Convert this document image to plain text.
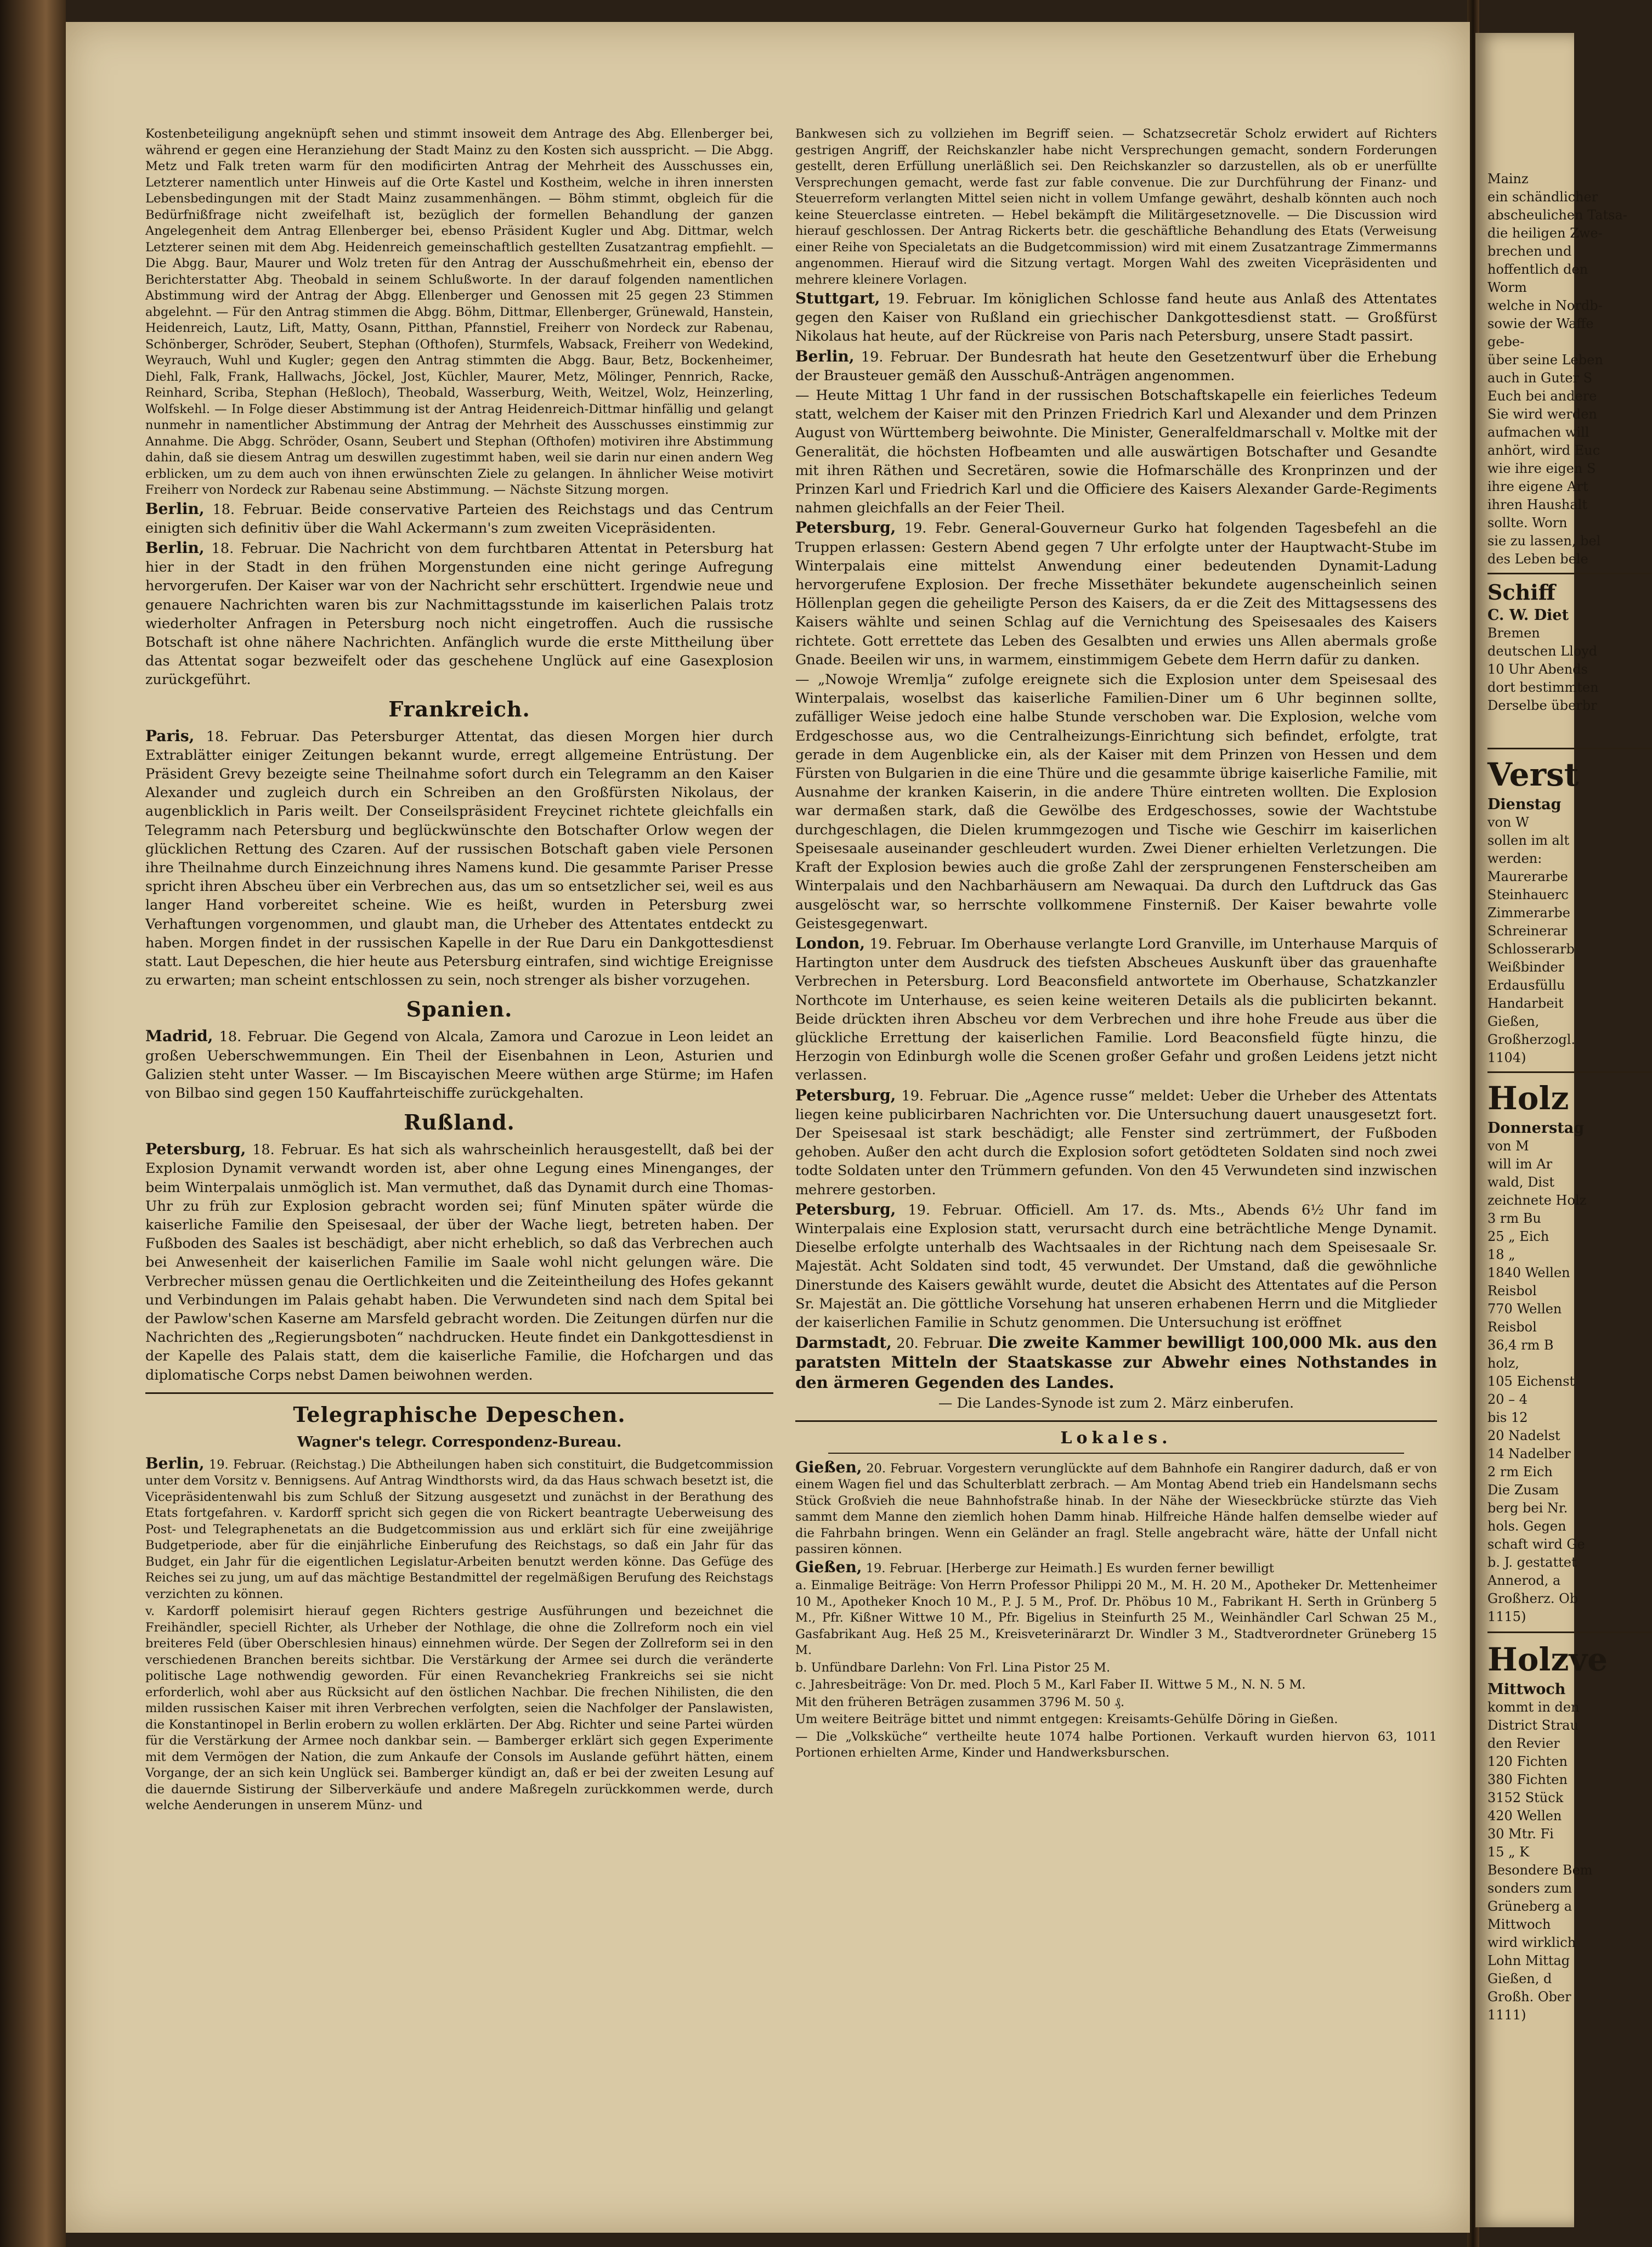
Kostenbeteiligung angeknüpft sehen und stimmt insoweit dem Antrage des Abg. Ellenberger bei, während er gegen eine Heranziehung der Stadt Mainz zu den Kosten sich ausspricht. — Die Abgg. Metz und Falk treten warm für den modificirten Antrag der Mehrheit des Ausschusses ein, Letzterer namentlich unter Hinweis auf die Orte Kastel und Kostheim, welche in ihren innersten Lebensbedingungen mit der Stadt Mainz zusammenhängen. — Böhm stimmt, obgleich für die Bedürfnißfrage nicht zweifelhaft ist, bezüglich der formellen Behandlung der ganzen Angelegenheit dem Antrag Ellenberger bei, ebenso Präsident Kugler und Abg. Dittmar, welch Letzterer seinen mit dem Abg. Heidenreich gemeinschaftlich gestellten Zusatzantrag empfiehlt. — Die Abgg. Baur, Maurer und Wolz treten für den Antrag der Ausschußmehrheit ein, ebenso der Berichterstatter Abg. Theobald in seinem Schlußworte. In der darauf folgenden namentlichen Abstimmung wird der Antrag der Abgg. Ellenberger und Genossen mit 25 gegen 23 Stimmen abgelehnt. — Für den Antrag stimmen die Abgg. Böhm, Dittmar, Ellenberger, Grünewald, Hanstein, Heidenreich, Lautz, Lift, Matty, Osann, Pitthan, Pfannstiel, Freiherr von Nordeck zur Rabenau, Schönberger, Schröder, Seubert, Stephan (Ofthofen), Sturmfels, Wabsack, Freiherr von Wedekind, Weyrauch, Wuhl und Kugler; gegen den Antrag stimmten die Abgg. Baur, Betz, Bockenheimer, Diehl, Falk, Frank, Hallwachs, Jöckel, Jost, Küchler, Maurer, Metz, Mölinger, Pennrich, Racke, Reinhard, Scriba, Stephan (Heßloch), Theobald, Wasserburg, Weith, Weitzel, Wolz, Heinzerling, Wolfskehl. — In Folge dieser Abstimmung ist der Antrag Heidenreich-Dittmar hinfällig und gelangt nunmehr in namentlicher Abstimmung der Antrag der Mehrheit des Ausschusses einstimmig zur Annahme. Die Abgg. Schröder, Osann, Seubert und Stephan (Ofthofen) motiviren ihre Abstimmung dahin, daß sie diesem Antrag um deswillen zugestimmt haben, weil sie darin nur einen andern Weg erblicken, um zu dem auch von ihnen erwünschten Ziele zu gelangen. In ähnlicher Weise motivirt Freiherr von Nordeck zur Rabenau seine Abstimmung. — Nächste Sitzung morgen.

Berlin, 18. Februar. Beide conservative Parteien des Reichstags und das Centrum einigten sich definitiv über die Wahl Ackermann's zum zweiten Vicepräsidenten.

Berlin, 18. Februar. Die Nachricht von dem furchtbaren Attentat in Petersburg hat hier in der Stadt in den frühen Morgenstunden eine nicht geringe Aufregung hervorgerufen. Der Kaiser war von der Nachricht sehr erschüttert. Irgendwie neue und genauere Nachrichten waren bis zur Nachmittagsstunde im kaiserlichen Palais trotz wiederholter Anfragen in Petersburg noch nicht eingetroffen. Auch die russische Botschaft ist ohne nähere Nachrichten. Anfänglich wurde die erste Mittheilung über das Attentat sogar bezweifelt oder das geschehene Unglück auf eine Gasexplosion zurückgeführt.

Frankreich.

Paris, 18. Februar. Das Petersburger Attentat, das diesen Morgen hier durch Extrablätter einiger Zeitungen bekannt wurde, erregt allgemeine Entrüstung. Der Präsident Grevy bezeigte seine Theilnahme sofort durch ein Telegramm an den Kaiser Alexander und zugleich durch ein Schreiben an den Großfürsten Nikolaus, der augenblicklich in Paris weilt. Der Conseilspräsident Freycinet richtete gleichfalls ein Telegramm nach Petersburg und beglückwünschte den Botschafter Orlow wegen der glücklichen Rettung des Czaren. Auf der russischen Botschaft gaben viele Personen ihre Theilnahme durch Einzeichnung ihres Namens kund. Die gesammte Pariser Presse spricht ihren Abscheu über ein Verbrechen aus, das um so entsetzlicher sei, weil es aus langer Hand vorbereitet scheine. Wie es heißt, wurden in Petersburg zwei Verhaftungen vorgenommen, und glaubt man, die Urheber des Attentates entdeckt zu haben. Morgen findet in der russischen Kapelle in der Rue Daru ein Dankgottesdienst statt. Laut Depeschen, die hier heute aus Petersburg eintrafen, sind wichtige Ereignisse zu erwarten; man scheint entschlossen zu sein, noch strenger als bisher vorzugehen.

Spanien.

Madrid, 18. Februar. Die Gegend von Alcala, Zamora und Carozue in Leon leidet an großen Ueberschwemmungen. Ein Theil der Eisenbahnen in Leon, Asturien und Galizien steht unter Wasser. — Im Biscayischen Meere wüthen arge Stürme; im Hafen von Bilbao sind gegen 150 Kauffahrteischiffe zurückgehalten.

Rußland.

Petersburg, 18. Februar. Es hat sich als wahrscheinlich herausgestellt, daß bei der Explosion Dynamit verwandt worden ist, aber ohne Legung eines Minenganges, der beim Winterpalais unmöglich ist. Man vermuthet, daß das Dynamit durch eine Thomas-Uhr zu früh zur Explosion gebracht worden sei; fünf Minuten später würde die kaiserliche Familie den Speisesaal, der über der Wache liegt, betreten haben. Der Fußboden des Saales ist beschädigt, aber nicht erheblich, so daß das Verbrechen auch bei Anwesenheit der kaiserlichen Familie im Saale wohl nicht gelungen wäre. Die Verbrecher müssen genau die Oertlichkeiten und die Zeiteintheilung des Hofes gekannt und Verbindungen im Palais gehabt haben. Die Verwundeten sind nach dem Spital bei der Pawlow'schen Kaserne am Marsfeld gebracht worden. Die Zeitungen dürfen nur die Nachrichten des „Regierungsboten“ nachdrucken. Heute findet ein Dankgottesdienst in der Kapelle des Palais statt, dem die kaiserliche Familie, die Hofchargen und das diplomatische Corps nebst Damen beiwohnen werden.

Telegraphische Depeschen.
Wagner's telegr. Correspondenz-Bureau.

Berlin, 19. Februar. (Reichstag.) Die Abtheilungen haben sich constituirt, die Budgetcommission unter dem Vorsitz v. Bennigsens. Auf Antrag Windthorsts wird, da das Haus schwach besetzt ist, die Vicepräsidentenwahl bis zum Schluß der Sitzung ausgesetzt und zunächst in der Berathung des Etats fortgefahren. v. Kardorff spricht sich gegen die von Rickert beantragte Ueberweisung des Post- und Telegraphenetats an die Budgetcommission aus und erklärt sich für eine zweijährige Budgetperiode, aber für die einjährliche Einberufung des Reichstags, so daß ein Jahr für das Budget, ein Jahr für die eigentlichen Legislatur-Arbeiten benutzt werden könne. Das Gefüge des Reiches sei zu jung, um auf das mächtige Bestandmittel der regelmäßigen Berufung des Reichstags verzichten zu können.

v. Kardorff polemisirt hierauf gegen Richters gestrige Ausführungen und bezeichnet die Freihändler, speciell Richter, als Urheber der Nothlage, die ohne die Zollreform noch ein viel breiteres Feld (über Oberschlesien hinaus) einnehmen würde. Der Segen der Zollreform sei in den verschiedenen Branchen bereits sichtbar. Die Verstärkung der Armee sei durch die veränderte politische Lage nothwendig geworden. Für einen Revanchekrieg Frankreichs sei sie nicht erforderlich, wohl aber aus Rücksicht auf den östlichen Nachbar. Die frechen Nihilisten, die den milden russischen Kaiser mit ihren Verbrechen verfolgten, seien die Nachfolger der Panslawisten, die Konstantinopel in Berlin erobern zu wollen erklärten. Der Abg. Richter und seine Partei würden für die Verstärkung der Armee noch dankbar sein. — Bamberger erklärt sich gegen Experimente mit dem Vermögen der Nation, die zum Ankaufe der Consols im Auslande geführt hätten, einem Vorgange, der an sich kein Unglück sei. Bamberger kündigt an, daß er bei der zweiten Lesung auf die dauernde Sistirung der Silberverkäufe und andere Maßregeln zurückkommen werde, durch welche Aenderungen in unserem Münz- und

Bankwesen sich zu vollziehen im Begriff seien. — Schatzsecretär Scholz erwidert auf Richters gestrigen Angriff, der Reichskanzler habe nicht Versprechungen gemacht, sondern Forderungen gestellt, deren Erfüllung unerläßlich sei. Den Reichskanzler so darzustellen, als ob er unerfüllte Versprechungen gemacht, werde fast zur fable convenue. Die zur Durchführung der Finanz- und Steuerreform verlangten Mittel seien nicht in vollem Umfange gewährt, deshalb könnten auch noch keine Steuerclasse eintreten. — Hebel bekämpft die Militärgesetznovelle. — Die Discussion wird hierauf geschlossen. Der Antrag Rickerts betr. die geschäftliche Behandlung des Etats (Verweisung einer Reihe von Specialetats an die Budgetcommission) wird mit einem Zusatzantrage Zimmermanns angenommen. Hierauf wird die Sitzung vertagt. Morgen Wahl des zweiten Vicepräsidenten und mehrere kleinere Vorlagen.

Stuttgart, 19. Februar. Im königlichen Schlosse fand heute aus Anlaß des Attentates gegen den Kaiser von Rußland ein griechischer Dankgottesdienst statt. — Großfürst Nikolaus hat heute, auf der Rückreise von Paris nach Petersburg, unsere Stadt passirt.

Berlin, 19. Februar. Der Bundesrath hat heute den Gesetzentwurf über die Erhebung der Brausteuer gemäß den Ausschuß-Anträgen angenommen.

— Heute Mittag 1 Uhr fand in der russischen Botschaftskapelle ein feierliches Tedeum statt, welchem der Kaiser mit den Prinzen Friedrich Karl und Alexander und dem Prinzen August von Württemberg beiwohnte. Die Minister, Generalfeldmarschall v. Moltke mit der Generalität, die höchsten Hofbeamten und alle auswärtigen Botschafter und Gesandte mit ihren Räthen und Secretären, sowie die Hofmarschälle des Kronprinzen und der Prinzen Karl und Friedrich Karl und die Officiere des Kaisers Alexander Garde-Regiments nahmen gleichfalls an der Feier Theil.

Petersburg, 19. Febr. General-Gouverneur Gurko hat folgenden Tagesbefehl an die Truppen erlassen: Gestern Abend gegen 7 Uhr erfolgte unter der Hauptwacht-Stube im Winterpalais eine mittelst Anwendung einer bedeutenden Dynamit-Ladung hervorgerufene Explosion. Der freche Missethäter bekundete augenscheinlich seinen Höllenplan gegen die geheiligte Person des Kaisers, da er die Zeit des Mittagsessens des Kaisers wählte und seinen Schlag auf die Vernichtung des Speisesaales des Kaisers richtete. Gott errettete das Leben des Gesalbten und erwies uns Allen abermals große Gnade. Beeilen wir uns, in warmem, einstimmigem Gebete dem Herrn dafür zu danken.

— „Nowoje Wremlja“ zufolge ereignete sich die Explosion unter dem Speisesaal des Winterpalais, woselbst das kaiserliche Familien-Diner um 6 Uhr beginnen sollte, zufälliger Weise jedoch eine halbe Stunde verschoben war. Die Explosion, welche vom Erdgeschosse aus, wo die Centralheizungs-Einrichtung sich befindet, erfolgte, trat gerade in dem Augenblicke ein, als der Kaiser mit dem Prinzen von Hessen und dem Fürsten von Bulgarien in die eine Thüre und die gesammte übrige kaiserliche Familie, mit Ausnahme der kranken Kaiserin, in die andere Thüre eintreten wollten. Die Explosion war dermaßen stark, daß die Gewölbe des Erdgeschosses, sowie der Wachtstube durchgeschlagen, die Dielen krummgezogen und Tische wie Geschirr im kaiserlichen Speisesaale auseinander geschleudert wurden. Zwei Diener erhielten Verletzungen. Die Kraft der Explosion bewies auch die große Zahl der zersprungenen Fensterscheiben am Winterpalais und den Nachbarhäusern am Newaquai. Da durch den Luftdruck das Gas ausgelöscht war, so herrschte vollkommene Finsterniß. Der Kaiser bewahrte volle Geistesgegenwart.

London, 19. Februar. Im Oberhause verlangte Lord Granville, im Unterhause Marquis of Hartington unter dem Ausdruck des tiefsten Abscheues Auskunft über das grauenhafte Verbrechen in Petersburg. Lord Beaconsfield antwortete im Oberhause, Schatzkanzler Northcote im Unterhause, es seien keine weiteren Details als die publicirten bekannt. Beide drückten ihren Abscheu vor dem Verbrechen und ihre hohe Freude aus über die glückliche Errettung der kaiserlichen Familie. Lord Beaconsfield fügte hinzu, die Herzogin von Edinburgh wolle die Scenen großer Gefahr und großen Leidens jetzt nicht verlassen.

Petersburg, 19. Februar. Die „Agence russe“ meldet: Ueber die Urheber des Attentats liegen keine publicirbaren Nachrichten vor. Die Untersuchung dauert unausgesetzt fort. Der Speisesaal ist stark beschädigt; alle Fenster sind zertrümmert, der Fußboden gehoben. Außer den acht durch die Explosion sofort getödteten Soldaten sind noch zwei todte Soldaten unter den Trümmern gefunden. Von den 45 Verwundeten sind inzwischen mehrere gestorben.

Petersburg, 19. Februar. Officiell. Am 17. ds. Mts., Abends 6½ Uhr fand im Winterpalais eine Explosion statt, verursacht durch eine beträchtliche Menge Dynamit. Dieselbe erfolgte unterhalb des Wachtsaales in der Richtung nach dem Speisesaale Sr. Majestät. Acht Soldaten sind todt, 45 verwundet. Der Umstand, daß die gewöhnliche Dinerstunde des Kaisers gewählt wurde, deutet die Absicht des Attentates auf die Person Sr. Majestät an. Die göttliche Vorsehung hat unseren erhabenen Herrn und die Mitglieder der kaiserlichen Familie in Schutz genommen. Die Untersuchung ist eröffnet

Darmstadt, 20. Februar. Die zweite Kammer bewilligt 100,000 Mk. aus den paratsten Mitteln der Staatskasse zur Abwehr eines Nothstandes in den ärmeren Gegenden des Landes.

— Die Landes-Synode ist zum 2. März einberufen.

Lokales.

Gießen, 20. Februar. Vorgestern verunglückte auf dem Bahnhofe ein Rangirer dadurch, daß er von einem Wagen fiel und das Schulterblatt zerbrach. — Am Montag Abend trieb ein Handelsmann sechs Stück Großvieh die neue Bahnhofstraße hinab. In der Nähe der Wieseckbrücke stürzte das Vieh sammt dem Manne den ziemlich hohen Damm hinab. Hilfreiche Hände halfen demselbe wieder auf die Fahrbahn bringen. Wenn ein Geländer an fragl. Stelle angebracht wäre, hätte der Unfall nicht passiren können.

Gießen, 19. Februar. [Herberge zur Heimath.] Es wurden ferner bewilligt

a. Einmalige Beiträge: Von Herrn Professor Philippi 20 M., M. H. 20 M., Apotheker Dr. Mettenheimer 10 M., Apotheker Knoch 10 M., P. J. 5 M., Prof. Dr. Phöbus 10 M., Fabrikant H. Serth in Grünberg 5 M., Pfr. Kißner Wittwe 10 M., Pfr. Bigelius in Steinfurth 25 M., Weinhändler Carl Schwan 25 M., Gasfabrikant Aug. Heß 25 M., Kreisveterinärarzt Dr. Windler 3 M., Stadtverordneter Grüneberg 15 M.

b. Unfündbare Darlehn: Von Frl. Lina Pistor 25 M.

c. Jahresbeiträge: Von Dr. med. Ploch 5 M., Karl Faber II. Wittwe 5 M., N. N. 5 M.

Mit den früheren Beträgen zusammen 3796 M. 50 ₰.

Um weitere Beiträge bittet und nimmt entgegen: Kreisamts-Gehülfe Döring in Gießen.

— Die „Volksküche“ vertheilte heute 1074 halbe Portionen. Verkauft wurden hiervon 63, 1011 Portionen erhielten Arme, Kinder und Handwerksburschen.

Mainz

ein schändlicher

abscheulichen Tatsa-

die heiligen Zwe-

brechen und

hoffentlich den

Worm

welche in Nordb-

sowie der Waffe

gebe-

über seine Leben

auch in Guter S

Euch bei andere

Sie wird werden

aufmachen will

anhört, wird Euc

wie ihre eigen S

ihre eigene Art

ihren Haushalt

sollte. Worn

sie zu lassen, bel

des Leben bele

Schiff

C. W. Diet

Bremen

deutschen Lloyd

10 Uhr Abends

dort bestimmten

Derselbe überbr

Verst

Dienstag

von W

sollen im alt

werden:

Maurerarbe

Steinhauerc

Zimmerarbe

Schreinerar

Schlosserarb

Weißbinder

Erdausfüllu

Handarbeit

Gießen,

Großherzogl.

1104)

Holz

Donnerstag

von M

will im Ar

wald, Dist

zeichnete Holz

3 rm Bu

25 „ Eich

18 „

1840 Wellen

Reisbol

770 Wellen

Reisbol

36,4 rm B

holz,

105 Eichenst

20 – 4

bis 12

20 Nadelst

14 Nadelber

2 rm Eich

Die Zusam

berg bei Nr.

hols. Gegen

schaft wird Ge

b. J. gestattet

Annerod, a

Großherz. Ob

1115)

Holzve

Mittwoch

kommt in den

District Strau

den Revier

120 Fichten

380 Fichten

3152 Stück

420 Wellen

30 Mtr. Fi

15 „ K

Besondere Bem

sonders zum

Grüneberg a

Mittwoch

wird wirklich

Lohn Mittag

Gießen, d

Großh. Ober

1111)
